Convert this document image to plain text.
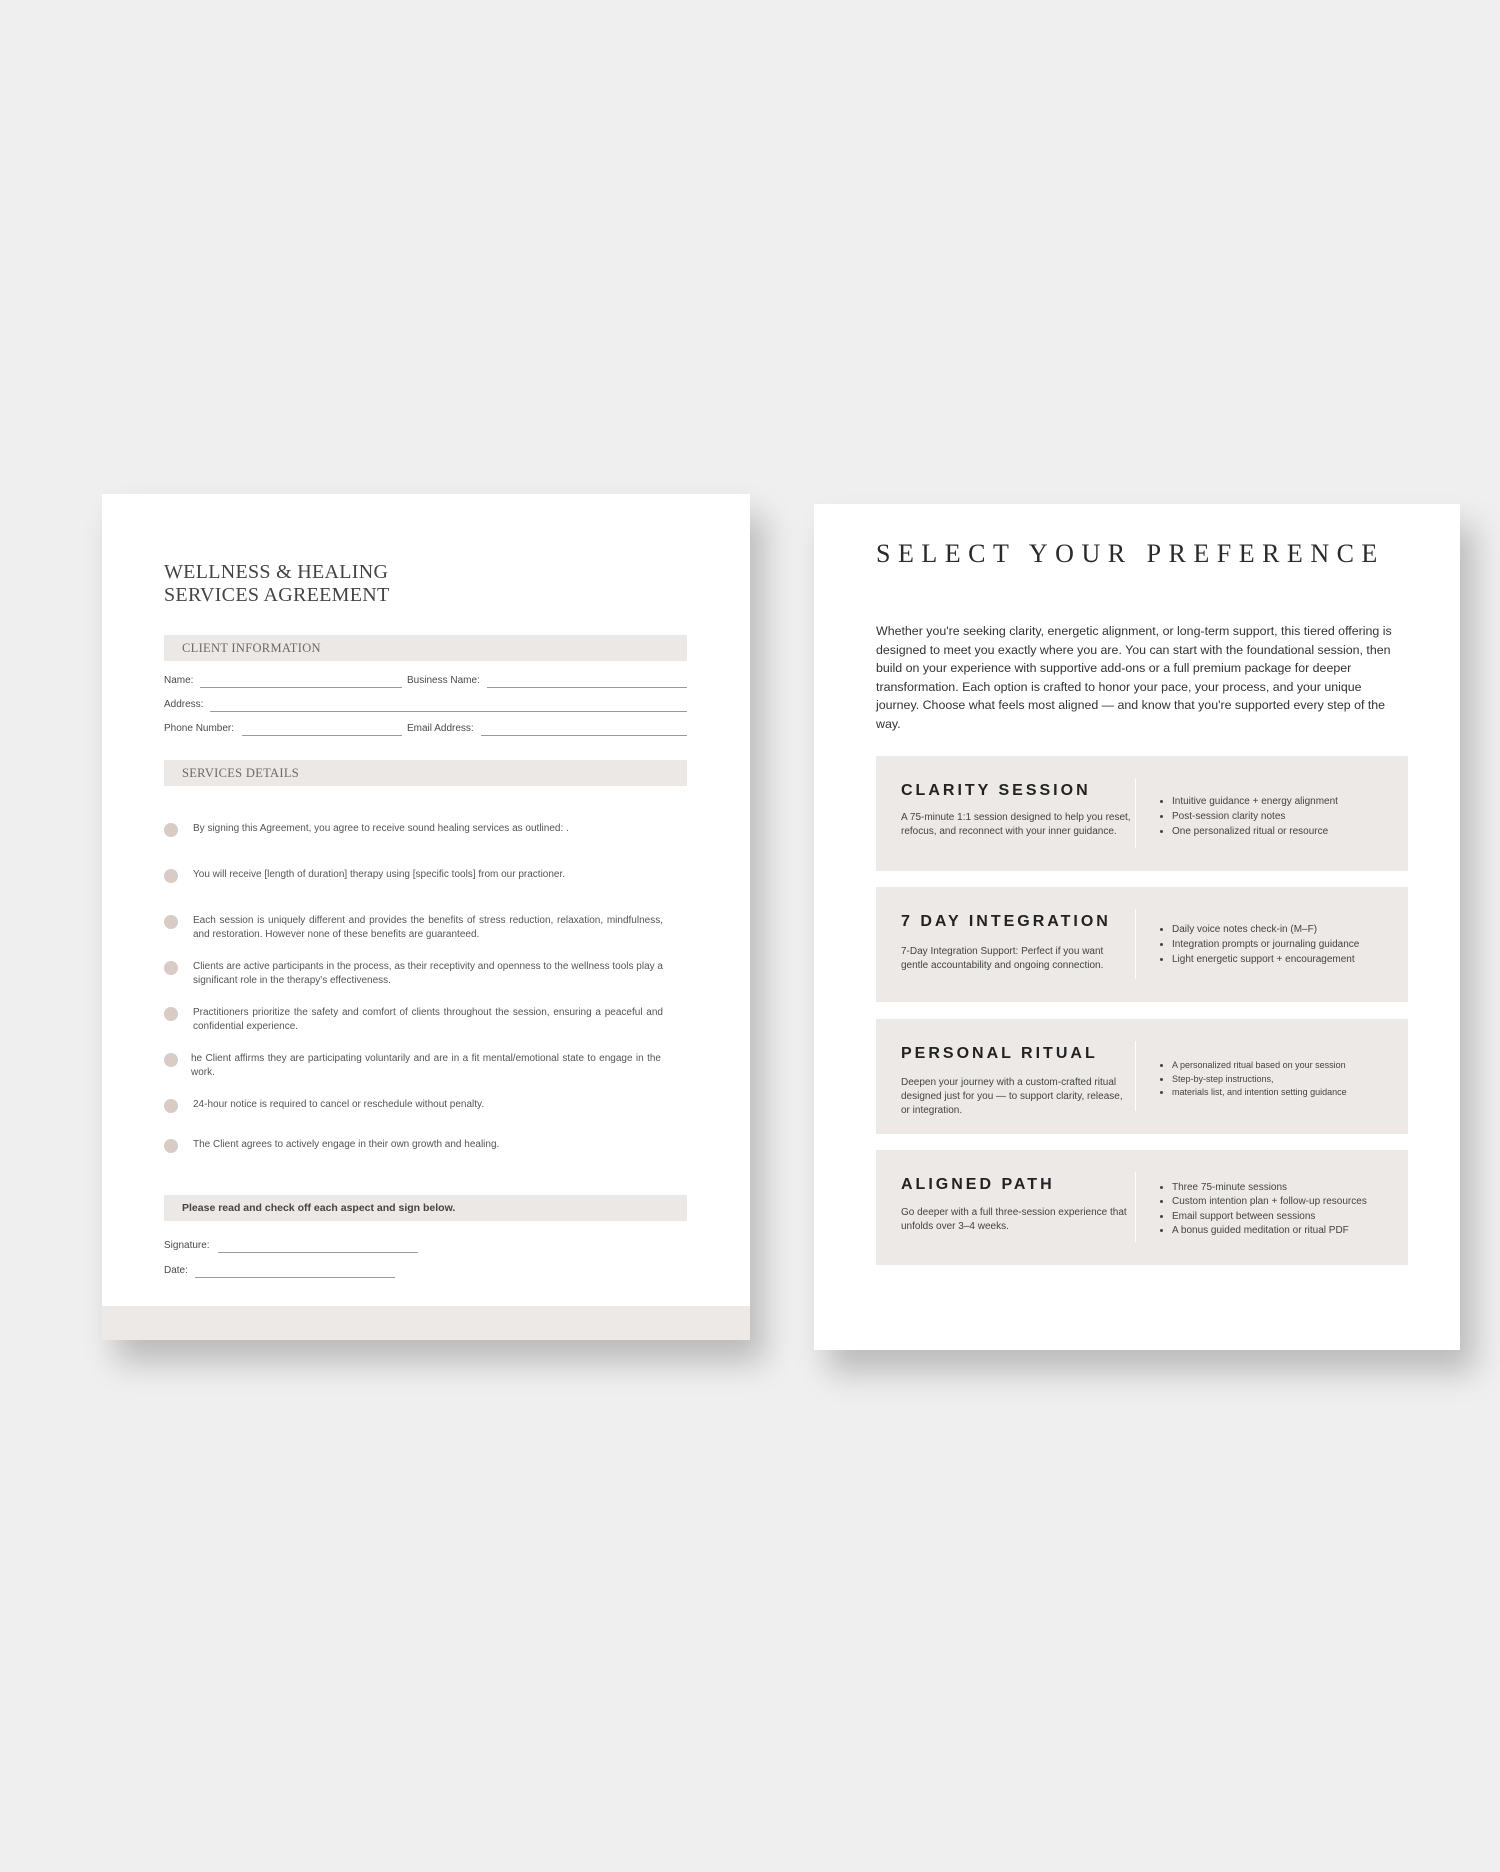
WELLNESS & HEALING
SERVICES AGREEMENT
CLIENT INFORMATION
Name:	Business Name:
Address:
Phone Number:	Email Address:
SERVICES DETAILS
By signing this Agreement, you agree to receive sound healing services as outlined: .
You will receive [length of duration] therapy using [specific tools] from our practioner.
Each session is uniquely different and provides the benefits of stress reduction, relaxation, mindfulness, and restoration. However none of these benefits are guaranteed.
Clients are active participants in the process, as their receptivity and openness to the wellness tools play a significant role in the therapy's effectiveness.
Practitioners prioritize the safety and comfort of clients throughout the session, ensuring a peaceful and confidential experience.
he Client affirms they are participating voluntarily and are in a fit mental/emotional state to engage in the work.
24-hour notice is required to cancel or reschedule without penalty.
The Client agrees to actively engage in their own growth and healing.
Please read and check off each aspect and sign below.
Signature:
Date:
SELECT YOUR PREFERENCE

Whether you're seeking clarity, energetic alignment, or long-term support, this tiered offering is designed to meet you exactly where you are. You can start with the foundational session, then build on your experience with supportive add-ons or a full premium package for deeper transformation. Each option is crafted to honor your pace, your process, and your unique journey. Choose what feels most aligned — and know that you're supported every step of the way.

CLARITY SESSION

A 75-minute 1:1 session designed to help you reset, refocus, and reconnect with your inner guidance.

• Intuitive guidance + energy alignment
• Post-session clarity notes
• One personalized ritual or resource
7 DAY INTEGRATION

7-Day Integration Support: Perfect if you want gentle accountability and ongoing connection.

• Daily voice notes check-in (M–F)
• Integration prompts or journaling guidance
• Light energetic support + encouragement
PERSONAL RITUAL

Deepen your journey with a custom-crafted ritual designed just for you — to support clarity, release, or integration.

• A personalized ritual based on your session
• Step-by-step instructions,
• materials list, and intention setting guidance
ALIGNED PATH

Go deeper with a full three-session experience that unfolds over 3–4 weeks.

• Three 75-minute sessions
• Custom intention plan + follow-up resources
• Email support between sessions
• A bonus guided meditation or ritual PDF
